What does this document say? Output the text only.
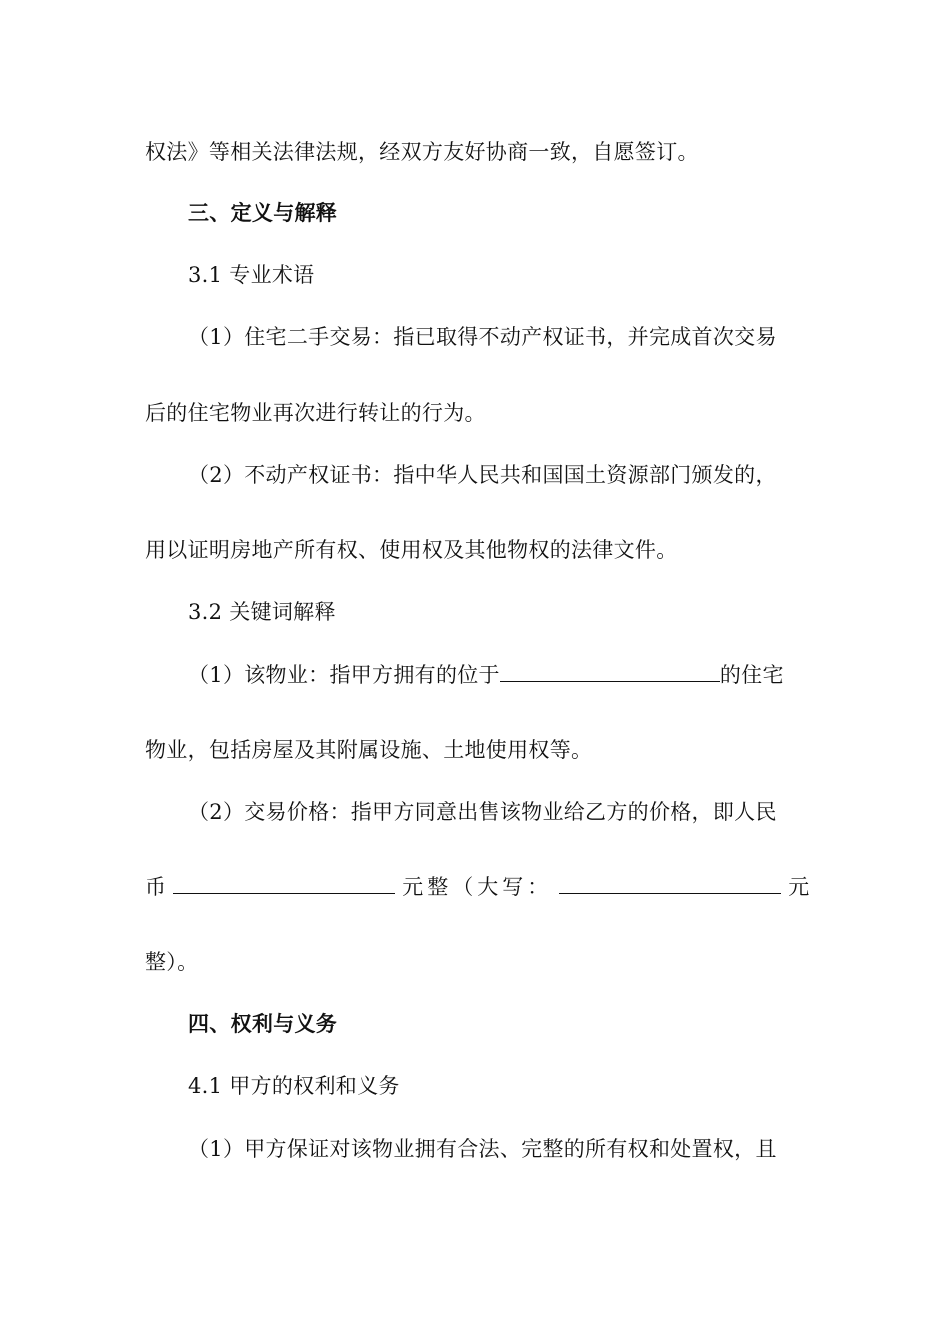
权法》等相关法律法规，经双方友好协商一致，自愿签订。
三、定义与解释
3.1 专业术语
（1）住宅二手交易：指已取得不动产权证书，并完成首次交易
后的住宅物业再次进行转让的行为。
（2）不动产权证书：指中华人民共和国国土资源部门颁发的，
用以证明房地产所有权、使用权及其他物权的法律文件。
3.2 关键词解释
（1）该物业：指甲方拥有的位于	的住宅
物业，包括房屋及其附属设施、土地使用权等。
（2）交易价格：指甲方同意出售该物业给乙方的价格，即人民
币	元整（大写：	元
整）。
四、权利与义务
4.1 甲方的权利和义务
（1）甲方保证对该物业拥有合法、完整的所有权和处置权，且
